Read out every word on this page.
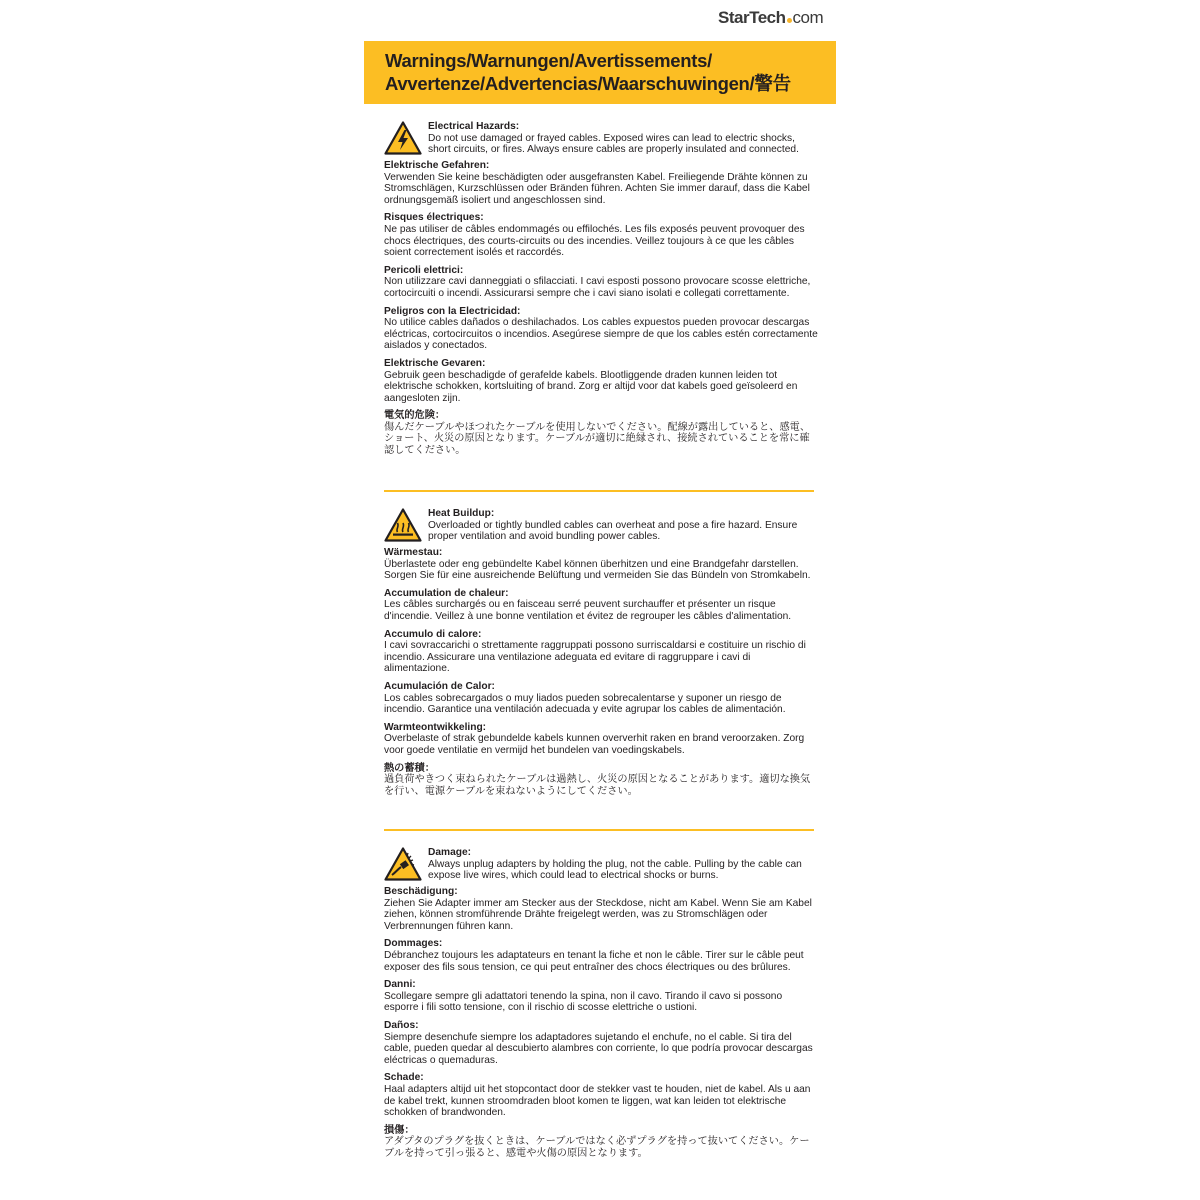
StarTech com
Warnings/Warnungen/Avertissements/
Avvertenze/Advertencias/Waarschuwingen/警告
Electrical Hazards:
Do not use damaged or frayed cables. Exposed wires can lead to electric shocks, short circuits, or fires. Always ensure cables are properly insulated and connected.
Elektrische Gefahren:
Verwenden Sie keine beschädigten oder ausgefransten Kabel. Freiliegende Drähte können zu Stromschlägen, Kurzschlüssen oder Bränden führen. Achten Sie immer darauf, dass die Kabel ordnungsgemäß isoliert und angeschlossen sind.
Risques électriques:
Ne pas utiliser de câbles endommagés ou effilochés. Les fils exposés peuvent provoquer des chocs électriques, des courts-circuits ou des incendies. Veillez toujours à ce que les câbles soient correctement isolés et raccordés.
Pericoli elettrici:
Non utilizzare cavi danneggiati o sfilacciati. I cavi esposti possono provocare scosse elettriche, cortocircuiti o incendi. Assicurarsi sempre che i cavi siano isolati e collegati correttamente.
Peligros con la Electricidad:
No utilice cables dañados o deshilachados. Los cables expuestos pueden provocar descargas eléctricas, cortocircuitos o incendios. Asegúrese siempre de que los cables estén correctamente aislados y conectados.
Elektrische Gevaren:
Gebruik geen beschadigde of gerafelde kabels. Blootliggende draden kunnen leiden tot elektrische schokken, kortsluiting of brand. Zorg er altijd voor dat kabels goed geïsoleerd en aangesloten zijn.
電気的危険：
傷んだケーブルやほつれたケーブルを使用しないでください。配線が露出していると、感電、ショート、火災の原因となります。ケーブルが適切に絶縁され、接続されていることを常に確認してください。
Heat Buildup:
Overloaded or tightly bundled cables can overheat and pose a fire hazard. Ensure proper ventilation and avoid bundling power cables.
Wärmestau:
Überlastete oder eng gebündelte Kabel können überhitzen und eine Brandgefahr darstellen. Sorgen Sie für eine ausreichende Belüftung und vermeiden Sie das Bündeln von Stromkabeln.
Accumulation de chaleur:
Les câbles surchargés ou en faisceau serré peuvent surchauffer et présenter un risque d'incendie. Veillez à une bonne ventilation et évitez de regrouper les câbles d'alimentation.
Accumulo di calore:
I cavi sovraccarichi o strettamente raggruppati possono surriscaldarsi e costituire un rischio di incendio. Assicurare una ventilazione adeguata ed evitare di raggruppare i cavi di alimentazione.
Acumulación de Calor:
Los cables sobrecargados o muy liados pueden sobrecalentarse y suponer un riesgo de incendio. Garantice una ventilación adecuada y evite agrupar los cables de alimentación.
Warmteontwikkeling:
Overbelaste of strak gebundelde kabels kunnen oververhit raken en brand veroorzaken. Zorg voor goede ventilatie en vermijd het bundelen van voedingskabels.
熱の蓄積：
過負荷やきつく束ねられたケーブルは過熱し、火災の原因となることがあります。適切な換気を行い、電源ケーブルを束ねないようにしてください。
Damage:
Always unplug adapters by holding the plug, not the cable. Pulling by the cable can expose live wires, which could lead to electrical shocks or burns.
Beschädigung:
Ziehen Sie Adapter immer am Stecker aus der Steckdose, nicht am Kabel. Wenn Sie am Kabel ziehen, können stromführende Drähte freigelegt werden, was zu Stromschlägen oder Verbrennungen führen kann.
Dommages:
Débranchez toujours les adaptateurs en tenant la fiche et non le câble. Tirer sur le câble peut exposer des fils sous tension, ce qui peut entraîner des chocs électriques ou des brûlures.
Danni:
Scollegare sempre gli adattatori tenendo la spina, non il cavo. Tirando il cavo si possono esporre i fili sotto tensione, con il rischio di scosse elettriche o ustioni.
Daños:
Siempre desenchufe siempre los adaptadores sujetando el enchufe, no el cable. Si tira del cable, pueden quedar al descubierto alambres con corriente, lo que podría provocar descargas eléctricas o quemaduras.
Schade:
Haal adapters altijd uit het stopcontact door de stekker vast te houden, niet de kabel. Als u aan de kabel trekt, kunnen stroomdraden bloot komen te liggen, wat kan leiden tot elektrische schokken of brandwonden.
損傷：
アダプタのプラグを抜くときは、ケーブルではなく必ずプラグを持って抜いてください。ケーブルを持って引っ張ると、感電や火傷の原因となります。
